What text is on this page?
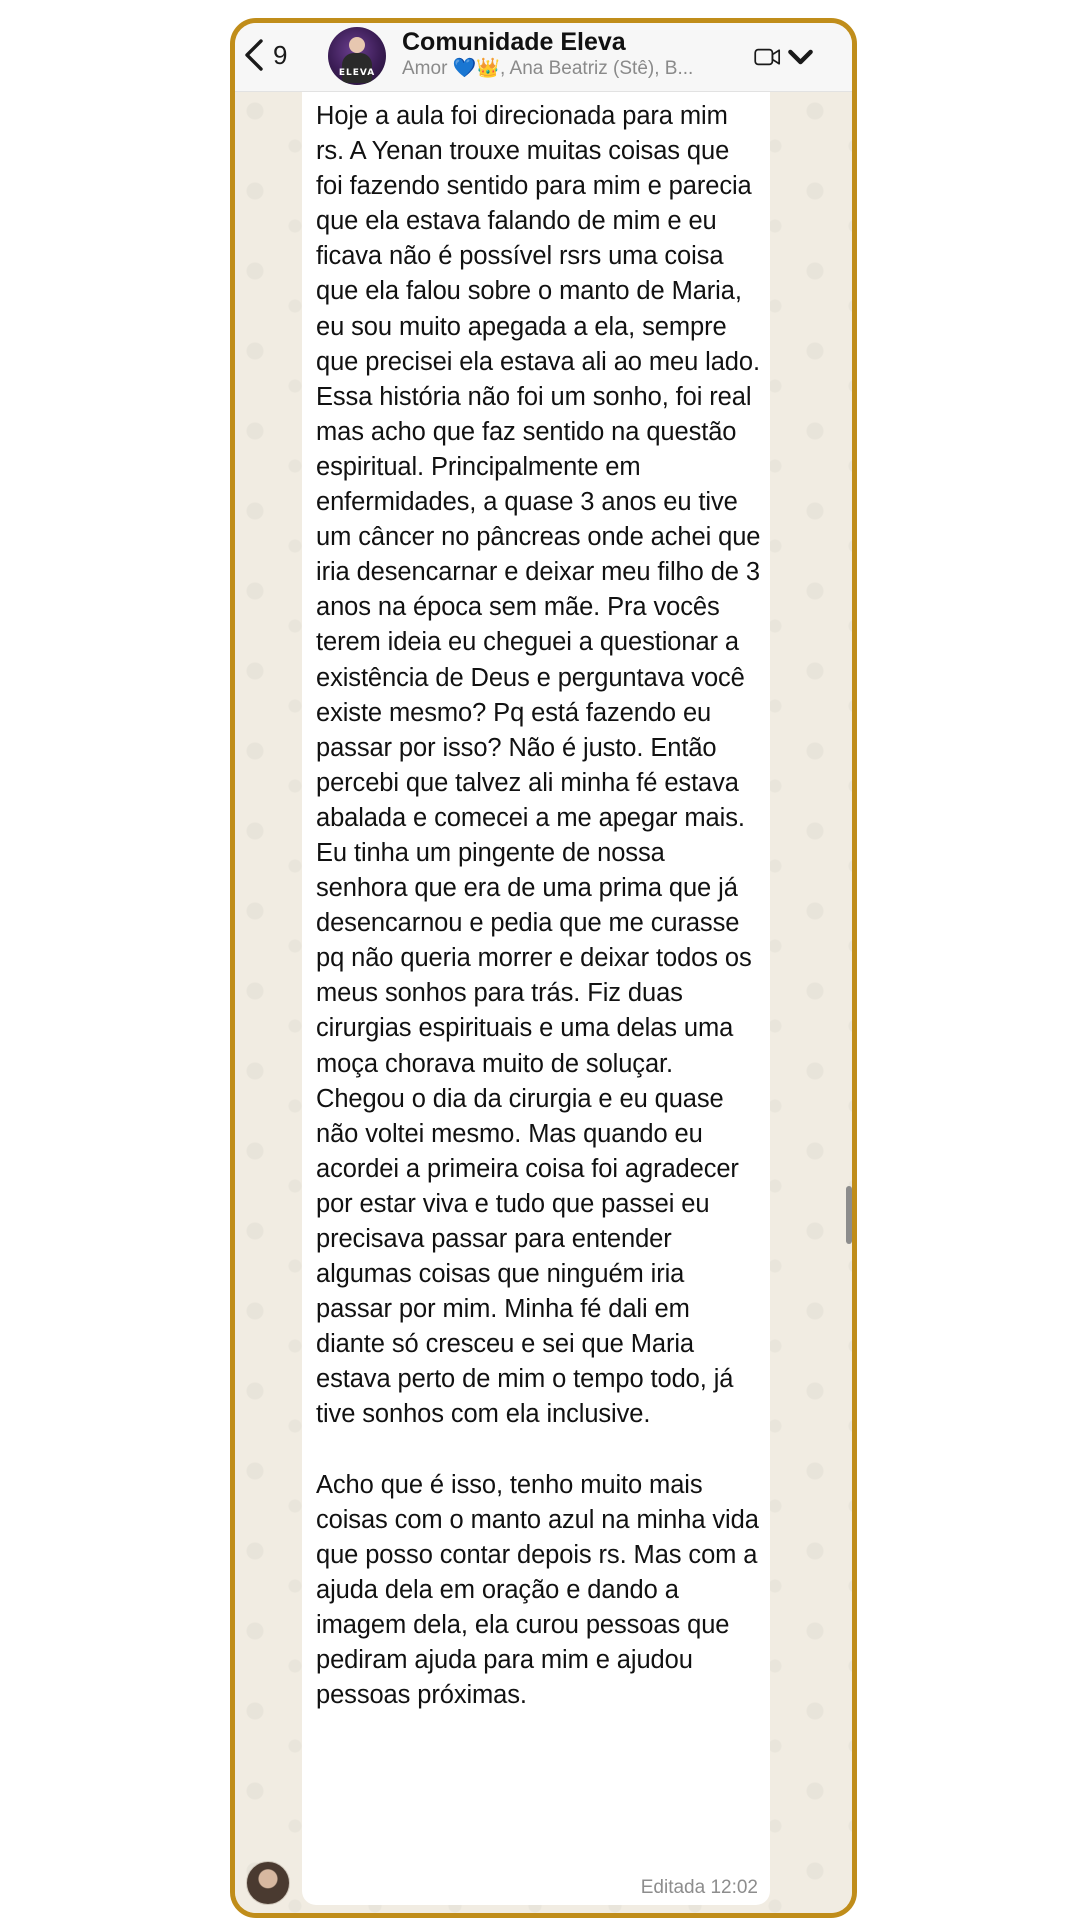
9
ELEVA
Comunidade Eleva
Amor 💙👑, Ana Beatriz (Stê), B...
Hoje a aula foi direcionada para mim rs. A Yenan trouxe muitas coisas que foi fazendo sentido para mim e parecia que ela estava falando de mim e eu ficava não é possível rsrs uma coisa que ela falou sobre o manto de Maria, eu sou muito apegada a ela, sempre que precisei ela estava ali ao meu lado. Essa história não foi um sonho, foi real mas acho que faz sentido na questão espiritual. Principalmente em enfermidades, a quase 3 anos eu tive um câncer no pâncreas onde achei que iria desencarnar e deixar meu filho de 3 anos na época sem mãe. Pra vocês terem ideia eu cheguei a questionar a existência de Deus e perguntava você existe mesmo? Pq está fazendo eu passar por isso? Não é justo. Então percebi que talvez ali minha fé estava abalada e comecei a me apegar mais. Eu tinha um pingente de nossa senhora que era de uma prima que já desencarnou e pedia que me curasse pq não queria morrer e deixar todos os meus sonhos para trás. Fiz duas cirurgias espirituais e uma delas uma moça chorava muito de soluçar. Chegou o dia da cirurgia e eu quase não voltei mesmo. Mas quando eu acordei a primeira coisa foi agradecer por estar viva e tudo que passei eu precisava passar para entender algumas coisas que ninguém iria passar por mim. Minha fé dali em diante só cresceu e sei que Maria estava perto de mim o tempo todo, já tive sonhos com ela inclusive.

Acho que é isso, tenho muito mais coisas com o manto azul na minha vida que posso contar depois rs. Mas com a ajuda dela em oração e dando a imagem dela, ela curou pessoas que pediram ajuda para mim e ajudou pessoas próximas.
Editada 12:02
